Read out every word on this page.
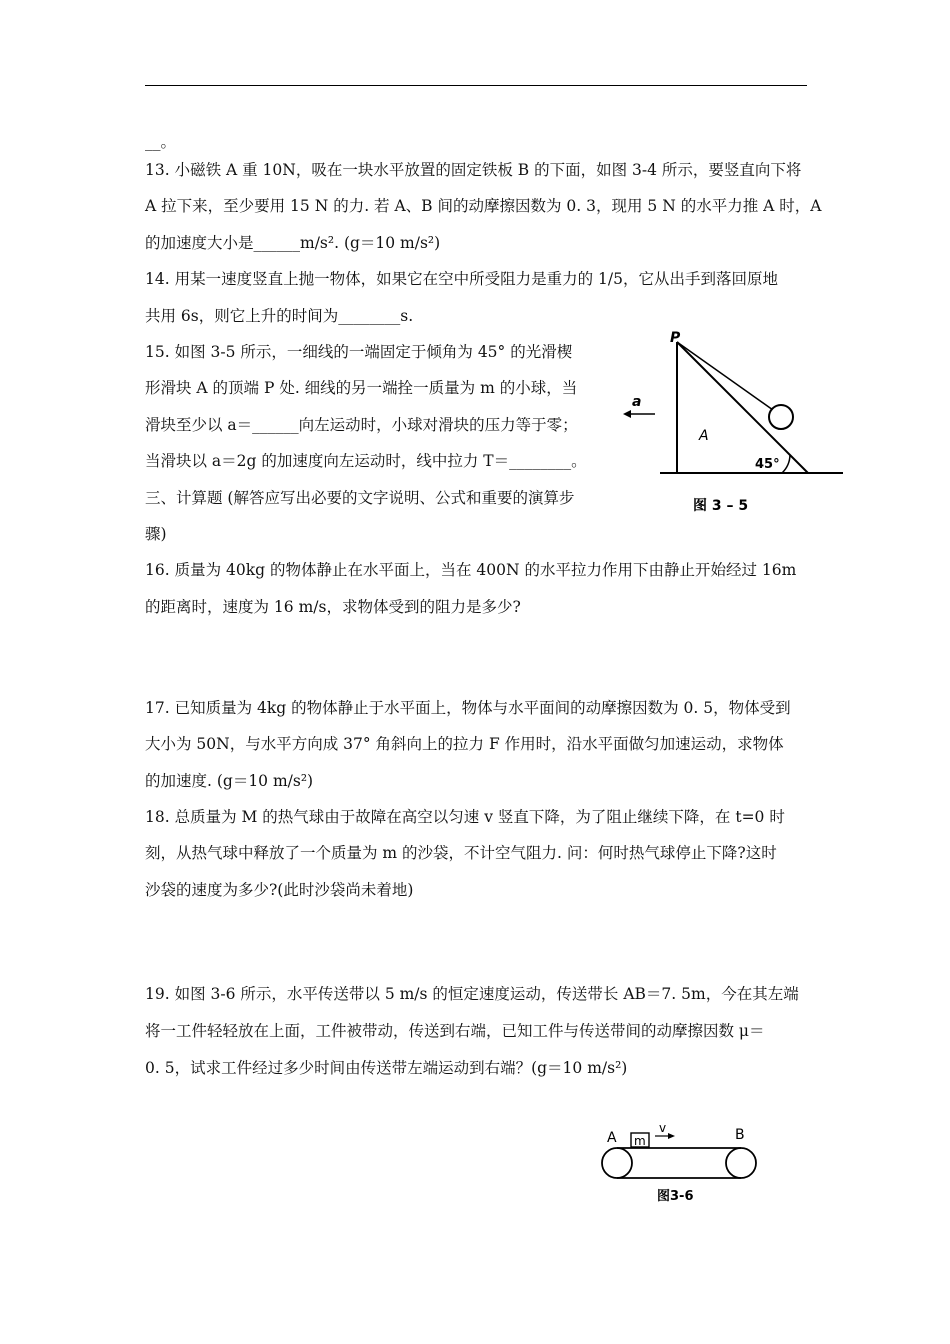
__。
13. 小磁铁 A 重 10N，吸在一块水平放置的固定铁板 B 的下面，如图 3-4 所示，要竖直向下将
A 拉下来，至少要用 15 N 的力. 若 A、B 间的动摩擦因数为 0. 3，现用 5 N 的水平力推 A 时，A
的加速度大小是______m/s². (g＝10 m/s²)
14. 用某一速度竖直上抛一物体，如果它在空中所受阻力是重力的 1/5，它从出手到落回原地
共用 6s，则它上升的时间为________s.
15. 如图 3-5 所示，一细线的一端固定于倾角为 45° 的光滑楔
形滑块 A 的顶端 P 处. 细线的另一端拴一质量为 m 的小球，当
滑块至少以 a＝______向左运动时，小球对滑块的压力等于零；
当滑块以 a＝2g 的加速度向左运动时，线中拉力 T＝________。
三、计算题 (解答应写出必要的文字说明、公式和重要的演算步
骤)
16. 质量为 40kg 的物体静止在水平面上，当在 400N 的水平拉力作用下由静止开始经过 16m
的距离时，速度为 16 m/s，求物体受到的阻力是多少?
17. 已知质量为 4kg 的物体静止于水平面上，物体与水平面间的动摩擦因数为 0. 5，物体受到
大小为 50N，与水平方向成 37° 角斜向上的拉力 F 作用时，沿水平面做匀加速运动，求物体
的加速度. (g＝10 m/s²)
18. 总质量为 M 的热气球由于故障在高空以匀速 v 竖直下降，为了阻止继续下降，在 t=0 时
刻，从热气球中释放了一个质量为 m 的沙袋，不计空气阻力. 问：何时热气球停止下降?这时
沙袋的速度为多少?(此时沙袋尚未着地)
19. 如图 3-6 所示，水平传送带以 5 m/s 的恒定速度运动，传送带长 AB＝7. 5m，今在其左端
将一工件轻轻放在上面，工件被带动，传送到右端，已知工件与传送带间的动摩擦因数 μ＝
0. 5，试求工件经过多少时间由传送带左端运动到右端？(g＝10 m/s²)
P
a
A
45°
图 3 – 5
A	B
m
v
图3-6
